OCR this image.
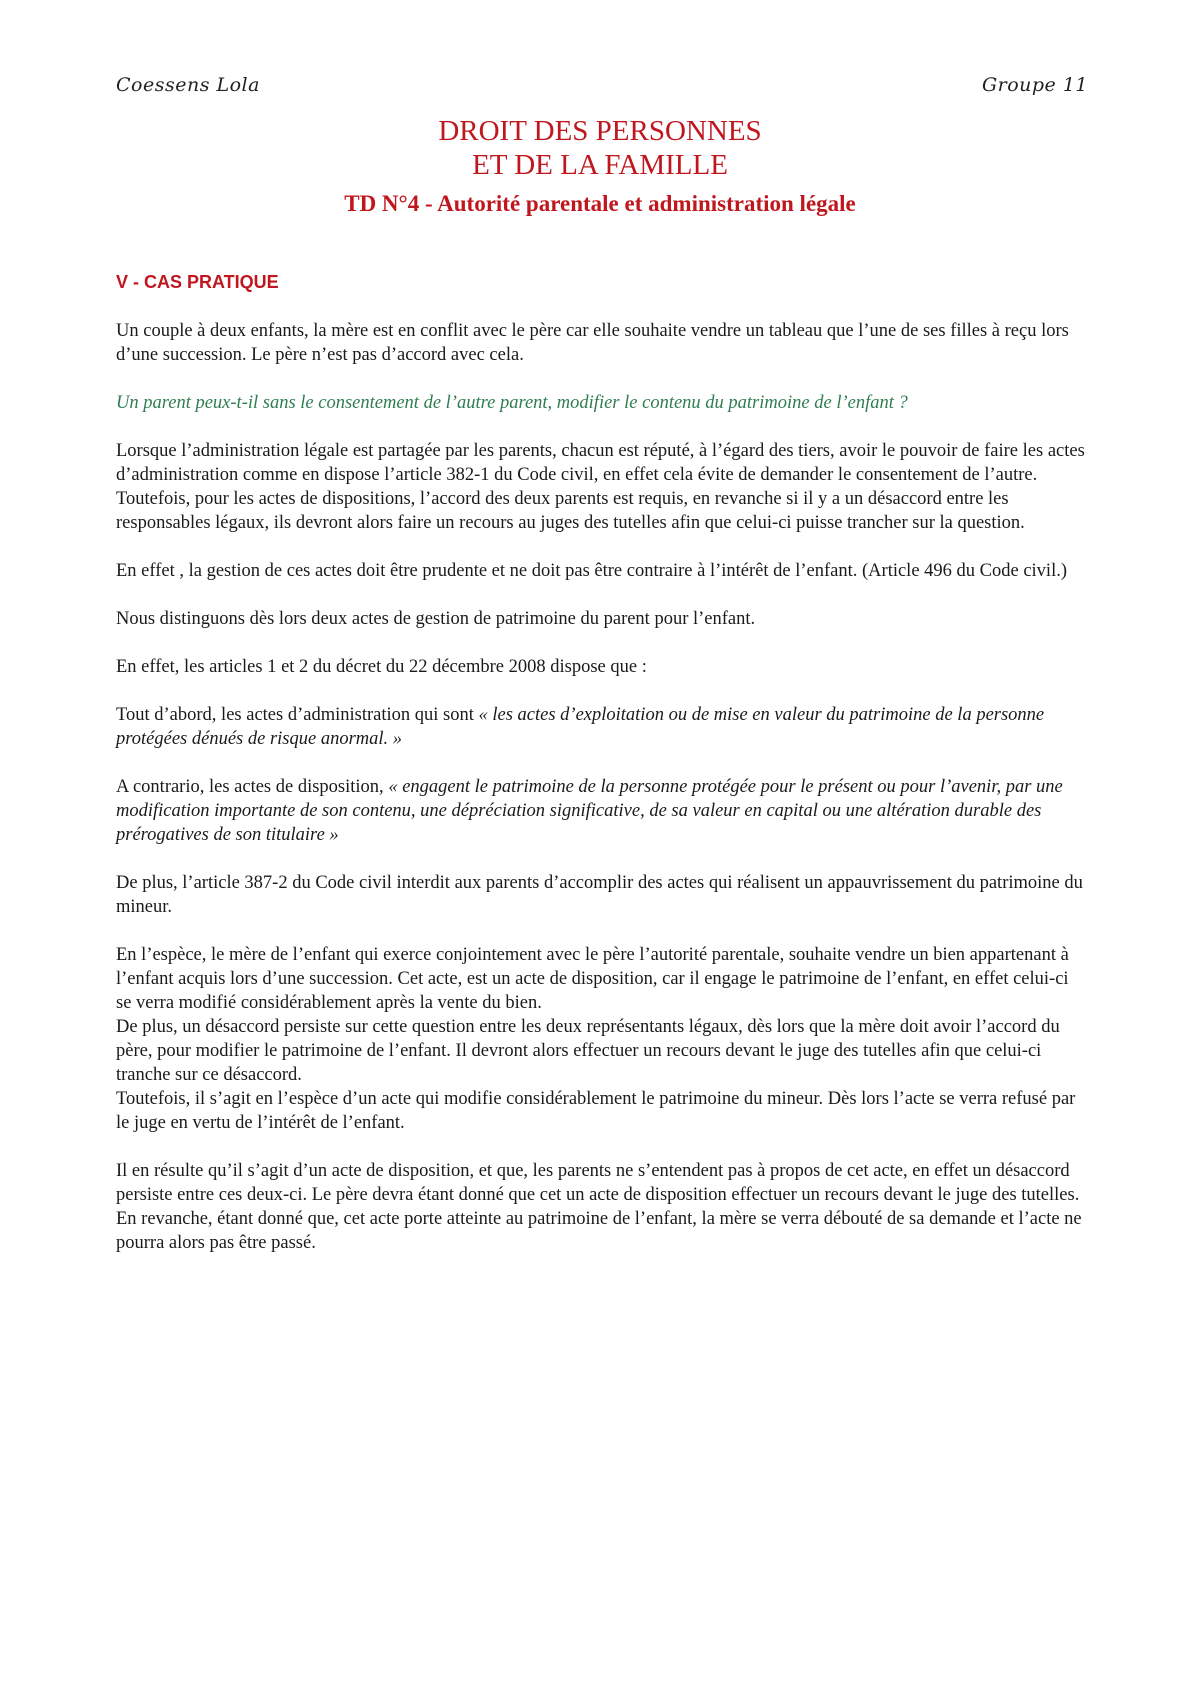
Coessens Lola	Groupe 11
DROIT DES PERSONNES
ET DE LA FAMILLE
TD N°4 - Autorité parentale et administration légale
V - CAS PRATIQUE

Un couple à deux enfants, la mère est en conflit avec le père car elle souhaite vendre un tableau que l’une de ses filles à reçu lors d’une succession. Le père n’est pas d’accord avec cela.

Un parent peux-t-il sans le consentement de l’autre parent, modifier le contenu du patrimoine de l’enfant ?

Lorsque l’administration légale est partagée par les parents, chacun est réputé, à l’égard des tiers, avoir le pouvoir de faire les actes d’administration comme en dispose l’article 382-1 du Code civil, en effet cela évite de demander le consentement de l’autre. Toutefois, pour les actes de dispositions, l’accord des deux parents est requis, en revanche si il y a un désaccord entre les responsables légaux, ils devront alors faire un recours au juges des tutelles afin que celui-ci puisse trancher sur la question.

En effet , la gestion de ces actes doit être prudente et ne doit pas être contraire à l’intérêt de l’enfant. (Article 496 du Code civil.)

Nous distinguons dès lors deux actes de gestion de patrimoine du parent pour l’enfant.

En effet, les articles 1 et 2 du décret du 22 décembre 2008 dispose que :

Tout d’abord, les actes d’administration qui sont « les actes d’exploitation ou de mise en valeur du patrimoine de la personne protégées dénués de risque anormal. »

A contrario, les actes de disposition, « engagent le patrimoine de la personne protégée pour le présent ou pour l’avenir, par une modification importante de son contenu, une dépréciation significative, de sa valeur en capital ou une altération durable des prérogatives de son titulaire »

De plus, l’article 387-2 du Code civil interdit aux parents d’accomplir des actes qui réalisent un appauvrissement du patrimoine du mineur.

En l’espèce, le mère de l’enfant qui exerce conjointement avec le père l’autorité parentale, souhaite vendre un bien appartenant à l’enfant acquis lors d’une succession. Cet acte, est un acte de disposition, car il engage le patrimoine de l’enfant, en effet celui-ci se verra modifié considérablement après la vente du bien.

De plus, un désaccord persiste sur cette question entre les deux représentants légaux, dès lors que la mère doit avoir l’accord du père, pour modifier le patrimoine de l’enfant. Il devront alors effectuer un recours devant le juge des tutelles afin que celui-ci tranche sur ce désaccord.

Toutefois, il s’agit en l’espèce d’un acte qui modifie considérablement le patrimoine du mineur. Dès lors l’acte se verra refusé par le juge en vertu de l’intérêt de l’enfant.

Il en résulte qu’il s’agit d’un acte de disposition, et que, les parents ne s’entendent pas à propos de cet acte, en effet un désaccord persiste entre ces deux-ci. Le père devra étant donné que cet un acte de disposition effectuer un recours devant le juge des tutelles. En revanche, étant donné que, cet acte porte atteinte au patrimoine de l’enfant, la mère se verra débouté de sa demande et l’acte ne pourra alors pas être passé.
